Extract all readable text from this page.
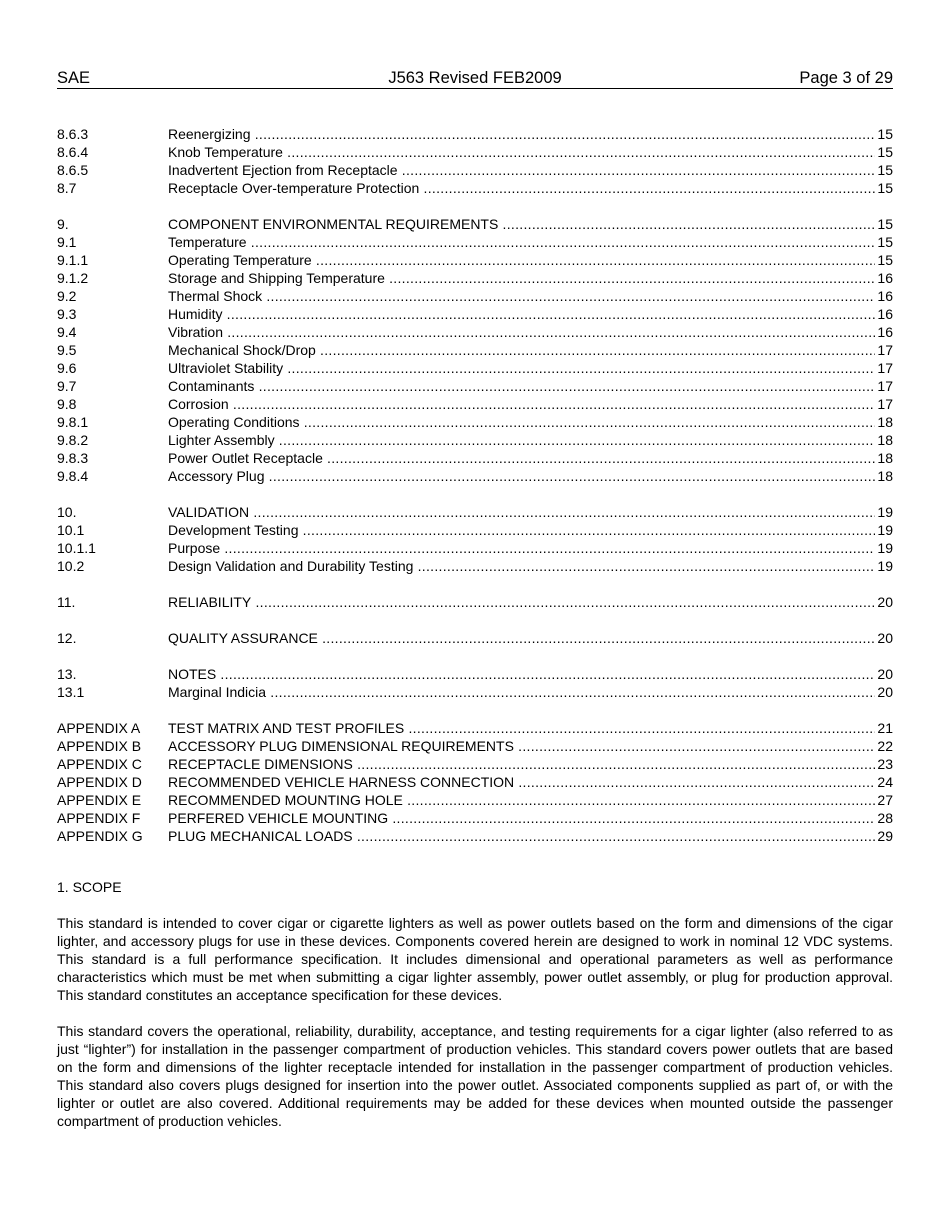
SAE	J563 Revised FEB2009	Page 3 of 29
8.6.3	Reenergizing .....	15
8.6.4	Knob Temperature .....	15
8.6.5	Inadvertent Ejection from Receptacle .....	15
8.7	Receptacle Over-temperature Protection .....	15
9.	COMPONENT ENVIRONMENTAL REQUIREMENTS .....	15
9.1	Temperature .....	15
9.1.1	Operating Temperature .....	15
9.1.2	Storage and Shipping Temperature .....	16
9.2	Thermal Shock .....	16
9.3	Humidity .....	16
9.4	Vibration .....	16
9.5	Mechanical Shock/Drop .....	17
9.6	Ultraviolet Stability .....	17
9.7	Contaminants .....	17
9.8	Corrosion .....	17
9.8.1	Operating Conditions .....	18
9.8.2	Lighter Assembly .....	18
9.8.3	Power Outlet Receptacle .....	18
9.8.4	Accessory Plug .....	18
10.	VALIDATION .....	19
10.1	Development Testing .....	19
10.1.1	Purpose .....	19
10.2	Design Validation and Durability Testing .....	19
11.	RELIABILITY .....	20
12.	QUALITY ASSURANCE .....	20
13.	NOTES .....	20
13.1	Marginal Indicia .....	20
APPENDIX A	TEST MATRIX AND TEST PROFILES .....	21
APPENDIX B	ACCESSORY PLUG DIMENSIONAL REQUIREMENTS .....	22
APPENDIX C	RECEPTACLE DIMENSIONS .....	23
APPENDIX D	RECOMMENDED VEHICLE HARNESS CONNECTION .....	24
APPENDIX E	RECOMMENDED MOUNTING HOLE .....	27
APPENDIX F	PERFERED VEHICLE MOUNTING .....	28
APPENDIX G	PLUG MECHANICAL LOADS .....	29
1. SCOPE

This standard is intended to cover cigar or cigarette lighters as well as power outlets based on the form and dimensions of the cigar lighter, and accessory plugs for use in these devices. Components covered herein are designed to work in nominal 12 VDC systems. This standard is a full performance specification. It includes dimensional and operational parameters as well as performance characteristics which must be met when submitting a cigar lighter assembly, power outlet assembly, or plug for production approval. This standard constitutes an acceptance specification for these devices.

This standard covers the operational, reliability, durability, acceptance, and testing requirements for a cigar lighter (also referred to as just “lighter”) for installation in the passenger compartment of production vehicles. This standard covers power outlets that are based on the form and dimensions of the lighter receptacle intended for installation in the passenger compartment of production vehicles. This standard also covers plugs designed for insertion into the power outlet. Associated components supplied as part of, or with the lighter or outlet are also covered. Additional requirements may be added for these devices when mounted outside the passenger compartment of production vehicles.
